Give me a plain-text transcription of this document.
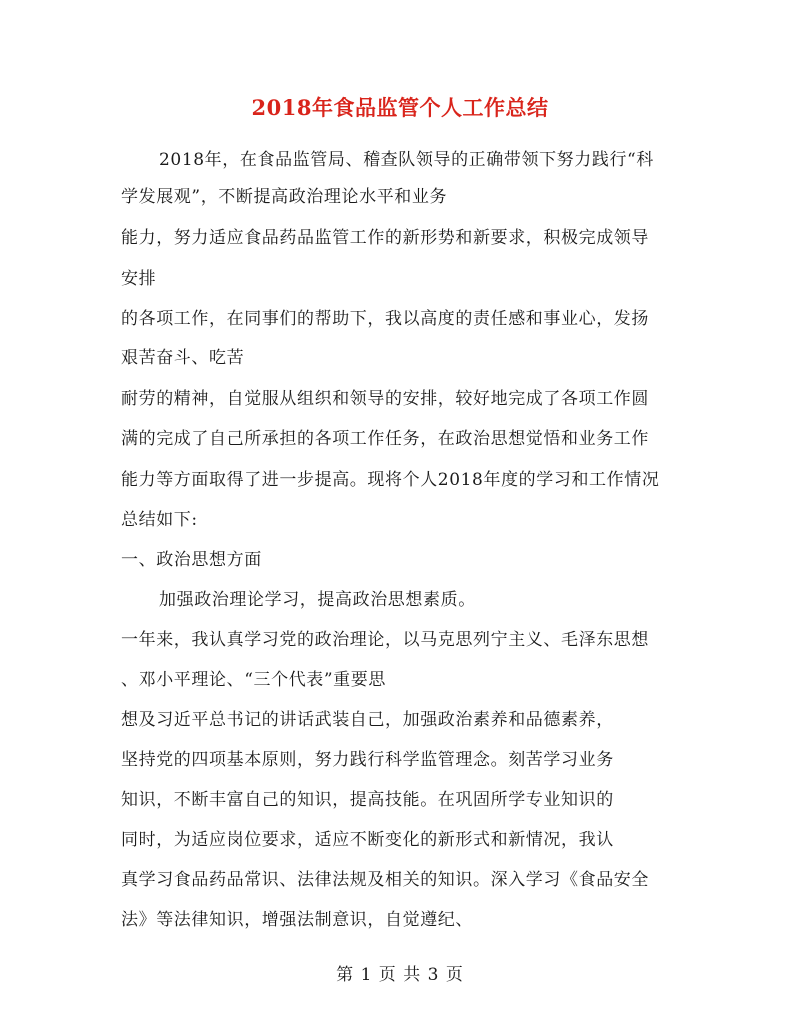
2018年食品监管个人工作总结
2018年，在食品监管局、稽查队领导的正确带领下努力践行“科
学发展观”，不断提高政治理论水平和业务
能力，努力适应食品药品监管工作的新形势和新要求，积极完成领导
安排
的各项工作，在同事们的帮助下，我以高度的责任感和事业心，发扬
艰苦奋斗、吃苦
耐劳的精神，自觉服从组织和领导的安排，较好地完成了各项工作圆
满的完成了自己所承担的各项工作任务，在政治思想觉悟和业务工作
能力等方面取得了进一步提高。现将个人2018年度的学习和工作情况
总结如下:
一、政治思想方面
加强政治理论学习，提高政治思想素质。
一年来，我认真学习党的政治理论，以马克思列宁主义、毛泽东思想
、邓小平理论、“三个代表”重要思
想及习近平总书记的讲话武装自己，加强政治素养和品德素养，
坚持党的四项基本原则，努力践行科学监管理念。刻苦学习业务
知识，不断丰富自己的知识，提高技能。在巩固所学专业知识的
同时，为适应岗位要求，适应不断变化的新形式和新情况，我认
真学习食品药品常识、法律法规及相关的知识。深入学习《食品安全
法》等法律知识，增强法制意识，自觉遵纪、
第 1 页 共 3 页
